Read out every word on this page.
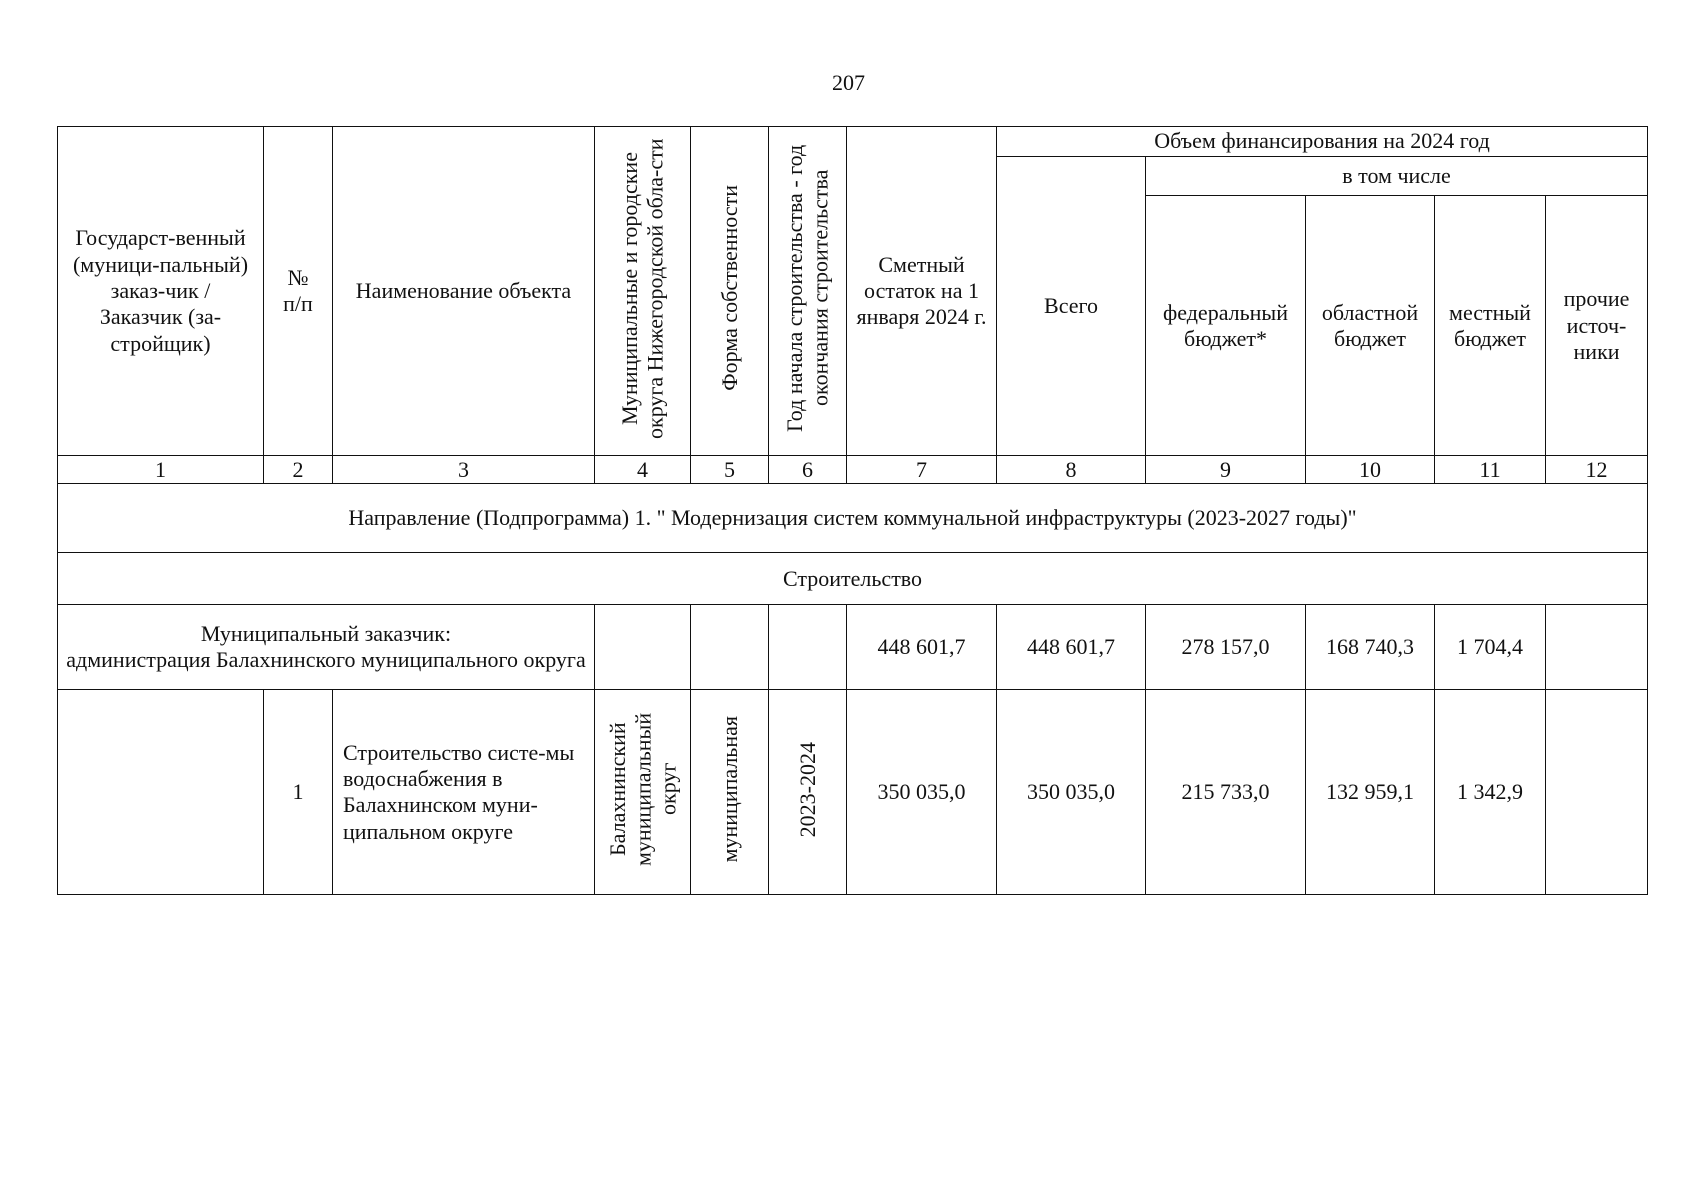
207
Государст-венный (муници-пальный) заказ-чик /
Заказчик (за-стройщик)	№
п/п	Наименование объекта	Муниципальные и городские округа Нижегородской обла-сти	Форма собственности	Год начала строительства - год окончания строительства	Сметный остаток на 1 января 2024 г.	Объем финансирования на 2024 год				
							Всего	в том числе			
								федеральный бюджет*	областной бюджет	местный бюджет	прочие источ-ники
1	2	3	4	5	6	7	8	9	10	11	12
Направление (Подпрограмма) 1. " Модернизация систем коммунальной инфраструктуры (2023-2027 годы)"											
Строительство											
Муниципальный заказчик:
администрация Балахнинского муниципального округа						448 601,7	448 601,7	278 157,0	168 740,3	1 704,4	
	1	Строительство систе-мы водоснабжения в Балахнинском муни-ципальном округе	Балахнинский муниципальный округ	муниципальная	2023-2024	350 035,0	350 035,0	215 733,0	132 959,1	1 342,9	
